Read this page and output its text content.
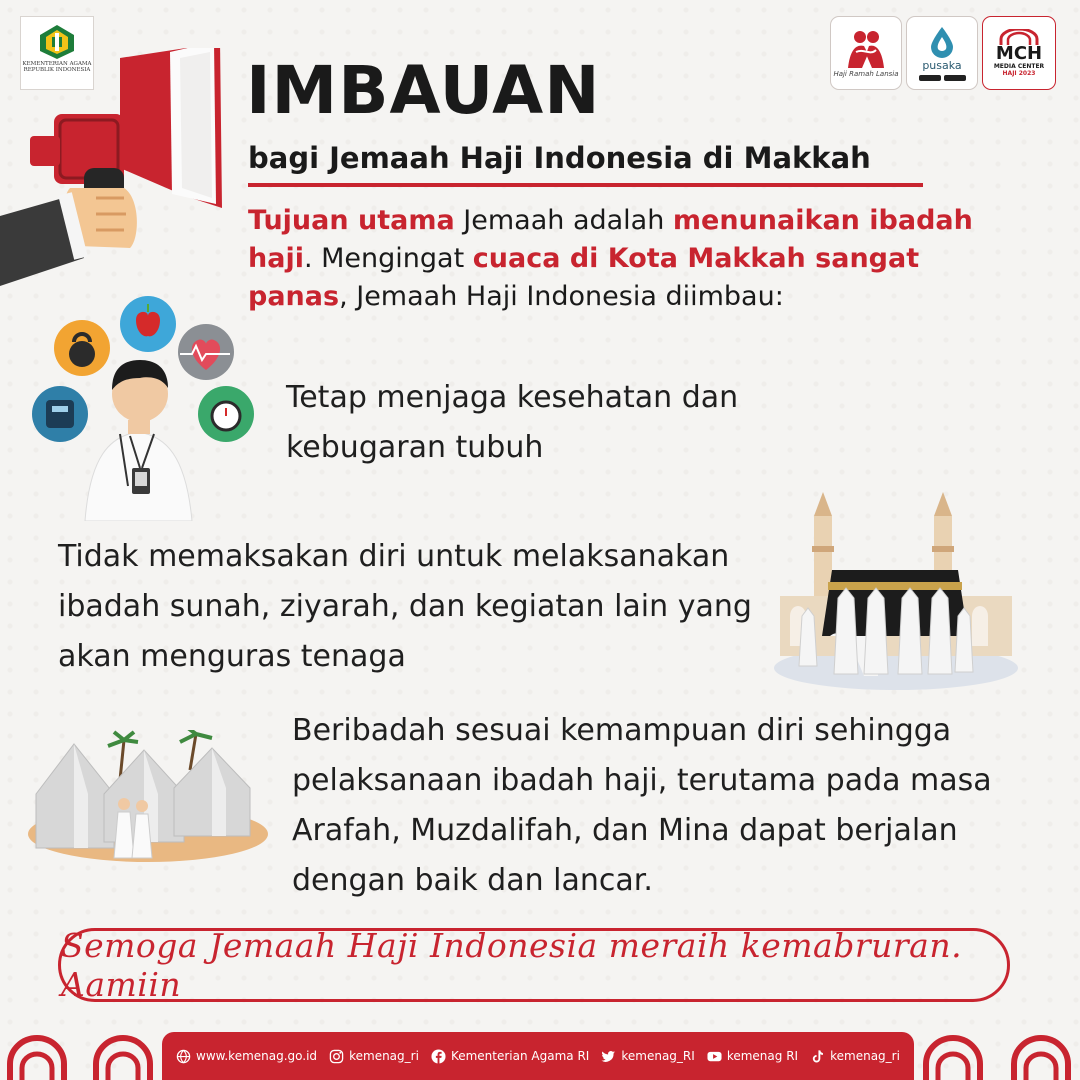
KEMENTERIAN AGAMA REPUBLIK INDONESIA	Haji Ramah Lansia
pusaka
MCH
MEDIA CENTER
HAJI 2023
IMBAUAN
bagi Jemaah Haji Indonesia di Makkah

Tujuan utama Jemaah adalah menunaikan ibadah haji. Mengingat cuaca di Kota Makkah sangat panas, Jemaah Haji Indonesia diimbau:

Tetap menjaga kesehatan dan kebugaran tubuh

Tidak memaksakan diri untuk melaksanakan ibadah sunah, ziyarah, dan kegiatan lain yang akan menguras tenaga

Beribadah sesuai kemampuan diri sehingga pelaksanaan ibadah haji, terutama pada masa Arafah, Muzdalifah, dan Mina dapat berjalan dengan baik dan lancar.

Semoga Jemaah Haji Indonesia meraih kemabruran. Aamiin
www.kemenag.go.id	kemenag_ri	Kementerian Agama RI	kemenag_RI	kemenag RI	kemenag_ri
